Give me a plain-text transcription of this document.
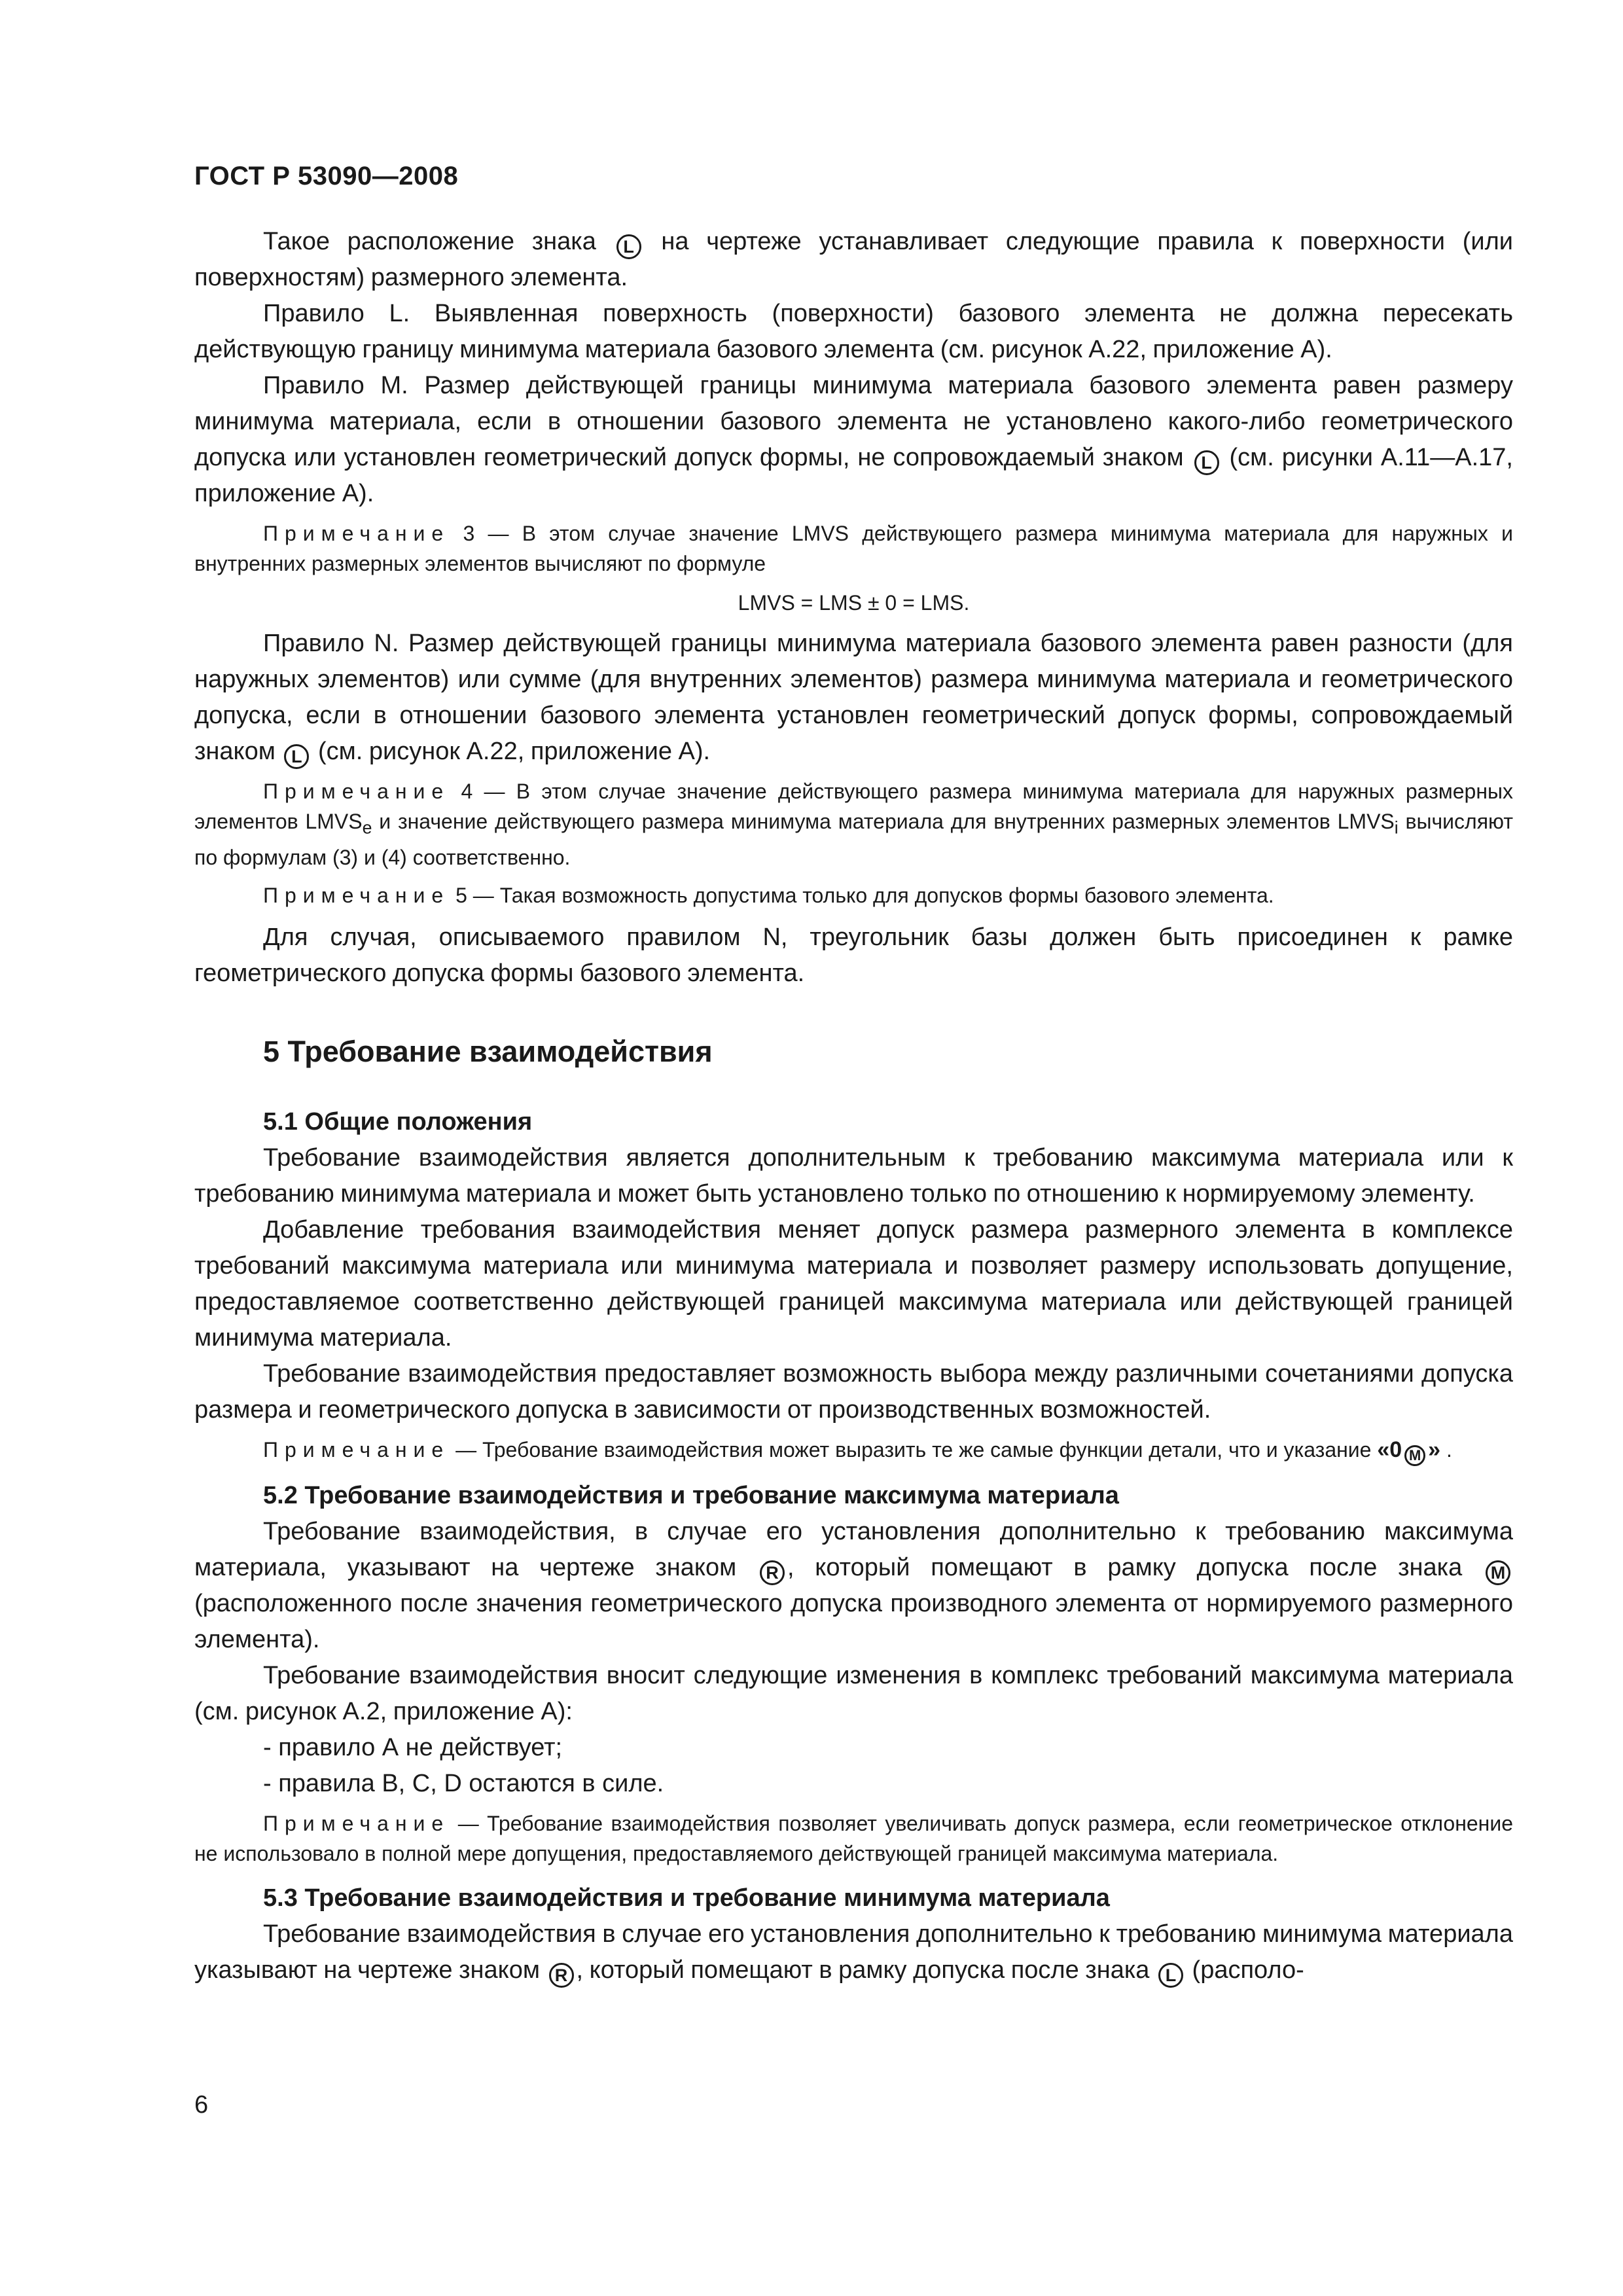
ГОСТ Р 53090—2008

Такое расположение знака L на чертеже устанавливает следующие правила к поверхности (или поверхностям) размерного элемента.

Правило L. Выявленная поверхность (поверхности) базового элемента не должна пересекать действующую границу минимума материала базового элемента (см. рисунок А.22, приложение А).

Правило М. Размер действующей границы минимума материала базового элемента равен размеру минимума материала, если в отношении базового элемента не установлено какого-либо геометрического допуска или установлен геометрический допуск формы, не сопровождаемый знаком L (см. рисунки А.11—А.17, приложение А).

Примечание 3 — В этом случае значение LMVS действующего размера минимума материала для наружных и внутренних размерных элементов вычисляют по формуле

LMVS = LMS ± 0 = LMS.

Правило N. Размер действующей границы минимума материала базового элемента равен разности (для наружных элементов) или сумме (для внутренних элементов) размера минимума материала и геометрического допуска, если в отношении базового элемента установлен геометрический допуск формы, сопровождаемый знаком L (см. рисунок А.22, приложение А).

Примечание 4 — В этом случае значение действующего размера минимума материала для наружных размерных элементов $LMVS_e$ и значение действующего размера минимума материала для внутренних размерных элементов $LMVS_i$ вычисляют по формулам (3) и (4) соответственно.

Примечание 5 — Такая возможность допустима только для допусков формы базового элемента.

Для случая, описываемого правилом N, треугольник базы должен быть присоединен к рамке геометрического допуска формы базового элемента.

5 Требование взаимодействия
5.1 Общие положения

Требование взаимодействия является дополнительным к требованию максимума материала или к требованию минимума материала и может быть установлено только по отношению к нормируемому элементу.

Добавление требования взаимодействия меняет допуск размера размерного элемента в комплексе требований максимума материала или минимума материала и позволяет размеру использовать допущение, предоставляемое соответственно действующей границей максимума материала или действующей границей минимума материала.

Требование взаимодействия предоставляет возможность выбора между различными сочетаниями допуска размера и геометрического допуска в зависимости от производственных возможностей.

Примечание — Требование взаимодействия может выразить те же самые функции детали, что и указание «0 M » .

5.2 Требование взаимодействия и требование максимума материала

Требование взаимодействия, в случае его установления дополнительно к требованию максимума материала, указывают на чертеже знаком R , который помещают в рамку допуска после знака M (расположенного после значения геометрического допуска производного элемента от нормируемого размерного элемента).

Требование взаимодействия вносит следующие изменения в комплекс требований максимума материала (см. рисунок А.2, приложение А):

- правило А не действует;

- правила В, С, D остаются в силе.

Примечание — Требование взаимодействия позволяет увеличивать допуск размера, если геометрическое отклонение не использовало в полной мере допущения, предоставляемого действующей границей максимума материала.

5.3 Требование взаимодействия и требование минимума материала

Требование взаимодействия в случае его установления дополнительно к требованию минимума материала указывают на чертеже знаком R , который помещают в рамку допуска после знака L (располо-

6
